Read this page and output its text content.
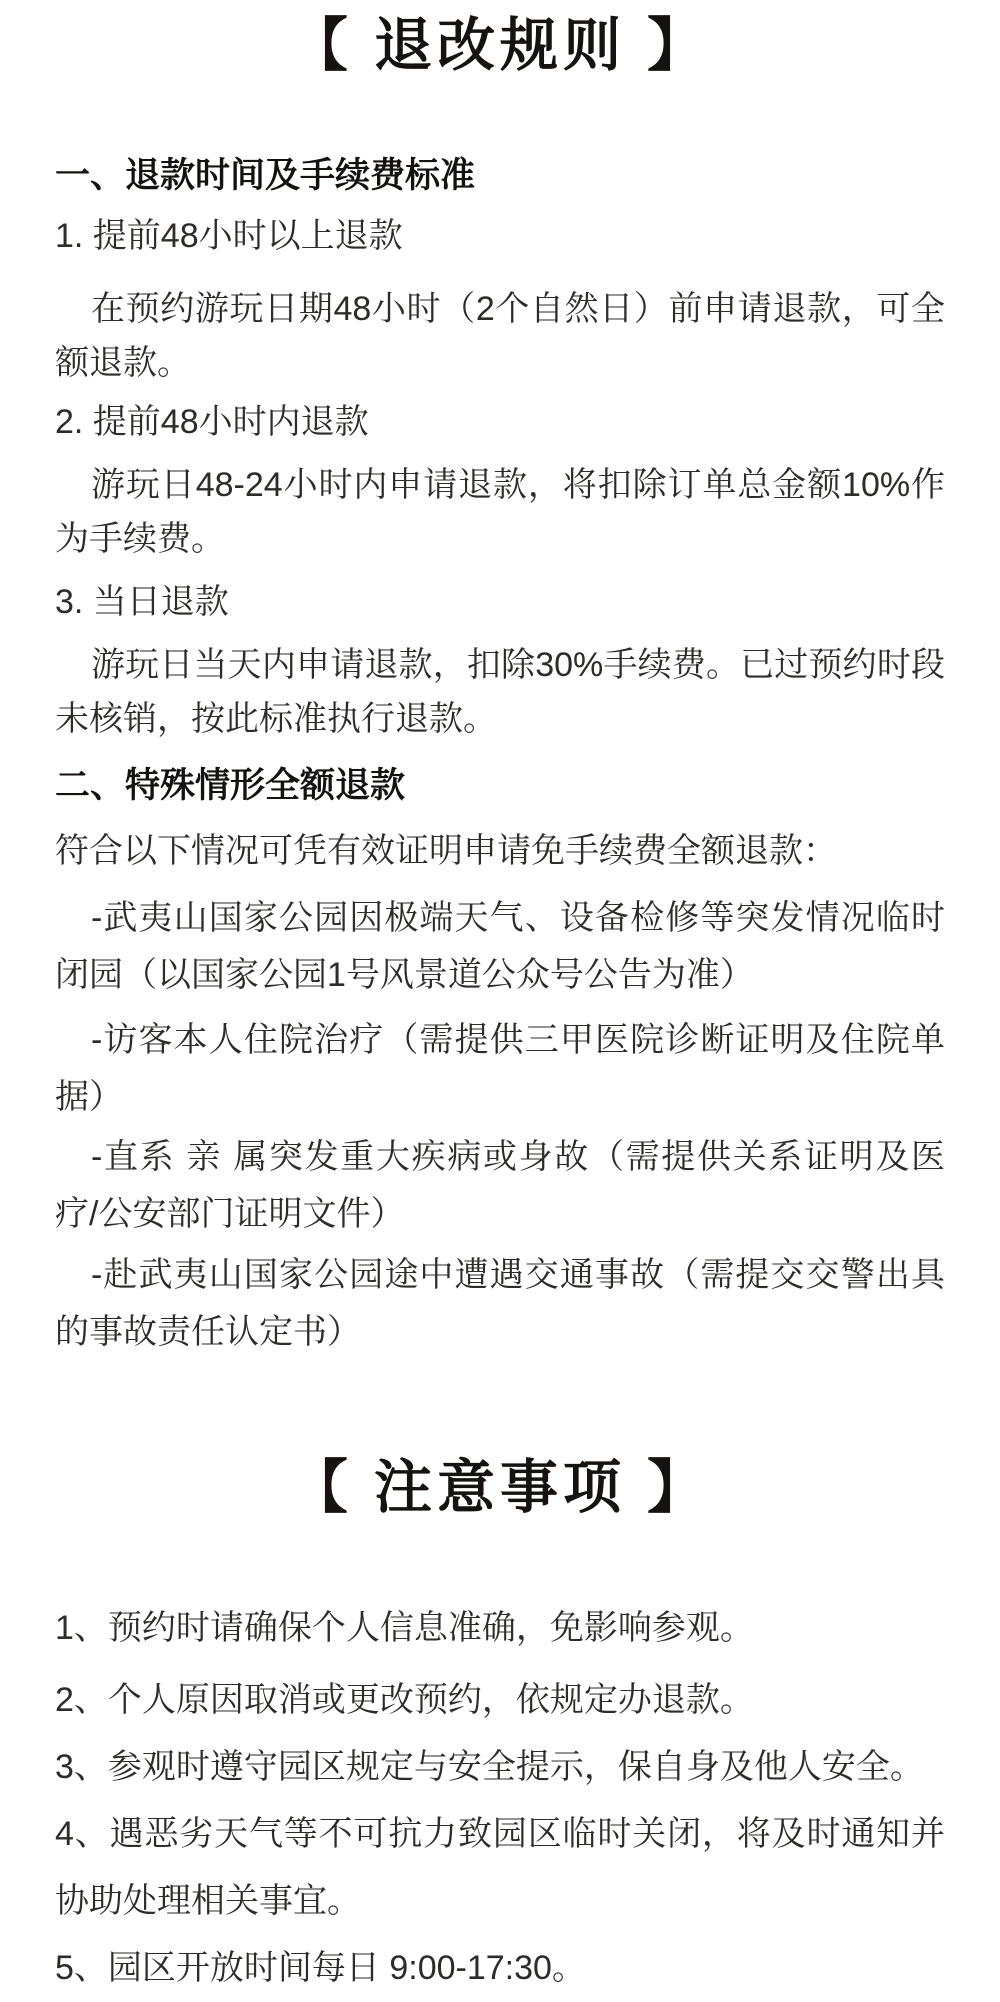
【 退改规则 】
一、退款时间及手续费标准
1. 提前48小时以上退款
在预约游玩日期48小时（2个自然日）前申请退款，可全额退款。
2. 提前48小时内退款
游玩日48-24小时内申请退款，将扣除订单总金额10%作为手续费。
3. 当日退款
游玩日当天内申请退款，扣除30%手续费。已过预约时段未核销，按此标准执行退款。
二、特殊情形全额退款
符合以下情况可凭有效证明申请免手续费全额退款：
-武夷山国家公园因极端天气、设备检修等突发情况临时闭园（以国家公园1号风景道公众号公告为准）
-访客本人住院治疗（需提供三甲医院诊断证明及住院单据）
-直系 亲 属突发重大疾病或身故（需提供关系证明及医疗/公安部门证明文件）
-赴武夷山国家公园途中遭遇交通事故（需提交交警出具的事故责任认定书）
【 注意事项 】
1、预约时请确保个人信息准确，免影响参观。
2、个人原因取消或更改预约，依规定办退款。
3、参观时遵守园区规定与安全提示，保自身及他人安全。
4、遇恶劣天气等不可抗力致园区临时关闭，将及时通知并协助处理相关事宜。
5、园区开放时间每日 9:00-17:30。
